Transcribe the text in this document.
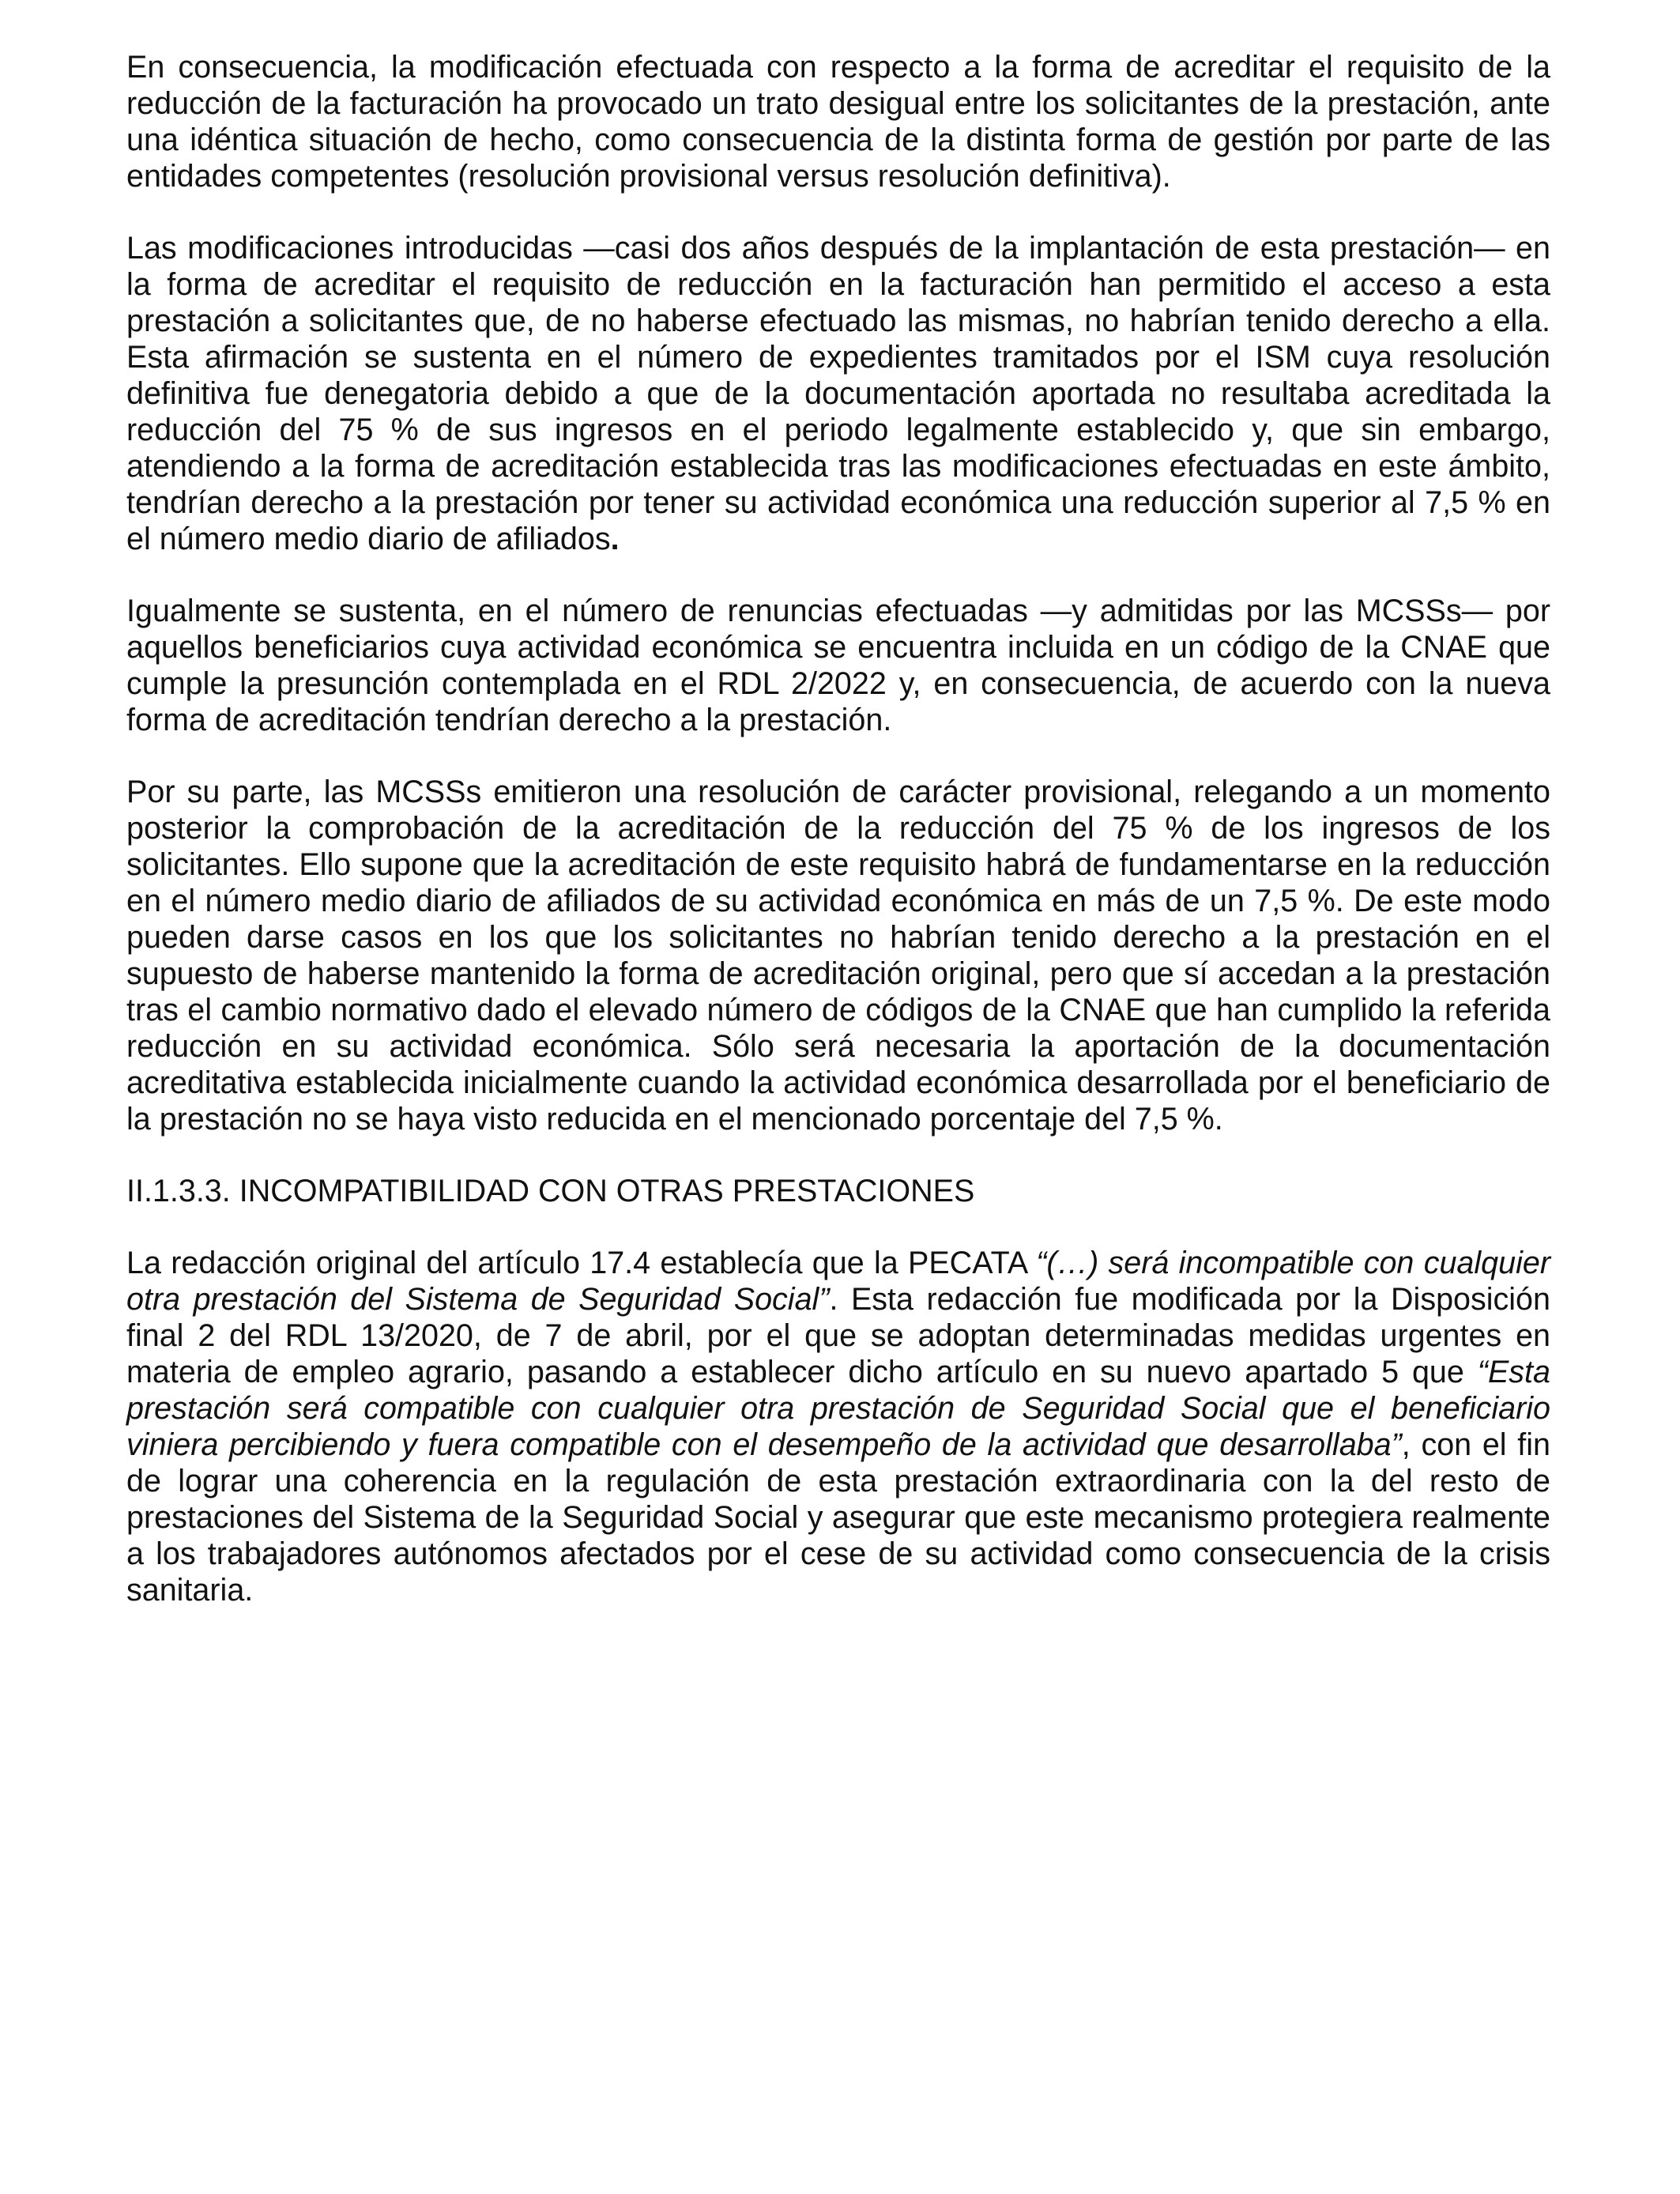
En consecuencia, la modificación efectuada con respecto a la forma de acreditar el requisito de la reducción de la facturación ha provocado un trato desigual entre los solicitantes de la prestación, ante una idéntica situación de hecho, como consecuencia de la distinta forma de gestión por parte de las entidades competentes (resolución provisional versus resolución definitiva).

Las modificaciones introducidas —casi dos años después de la implantación de esta prestación— en la forma de acreditar el requisito de reducción en la facturación han permitido el acceso a esta prestación a solicitantes que, de no haberse efectuado las mismas, no habrían tenido derecho a ella. Esta afirmación se sustenta en el número de expedientes tramitados por el ISM cuya resolución definitiva fue denegatoria debido a que de la documentación aportada no resultaba acreditada la reducción del 75 % de sus ingresos en el periodo legalmente establecido y, que sin embargo, atendiendo a la forma de acreditación establecida tras las modificaciones efectuadas en este ámbito, tendrían derecho a la prestación por tener su actividad económica una reducción superior al 7,5 % en el número medio diario de afiliados.

Igualmente se sustenta, en el número de renuncias efectuadas —y admitidas por las MCSSs— por aquellos beneficiarios cuya actividad económica se encuentra incluida en un código de la CNAE que cumple la presunción contemplada en el RDL 2/2022 y, en consecuencia, de acuerdo con la nueva forma de acreditación tendrían derecho a la prestación.

Por su parte, las MCSSs emitieron una resolución de carácter provisional, relegando a un momento posterior la comprobación de la acreditación de la reducción del 75 % de los ingresos de los solicitantes. Ello supone que la acreditación de este requisito habrá de fundamentarse en la reducción en el número medio diario de afiliados de su actividad económica en más de un 7,5 %. De este modo pueden darse casos en los que los solicitantes no habrían tenido derecho a la prestación en el supuesto de haberse mantenido la forma de acreditación original, pero que sí accedan a la prestación tras el cambio normativo dado el elevado número de códigos de la CNAE que han cumplido la referida reducción en su actividad económica. Sólo será necesaria la aportación de la documentación acreditativa establecida inicialmente cuando la actividad económica desarrollada por el beneficiario de la prestación no se haya visto reducida en el mencionado porcentaje del 7,5 %.

II.1.3.3. INCOMPATIBILIDAD CON OTRAS PRESTACIONES

La redacción original del artículo 17.4 establecía que la PECATA “(…) será incompatible con cualquier otra prestación del Sistema de Seguridad Social”. Esta redacción fue modificada por la Disposición final 2 del RDL 13/2020, de 7 de abril, por el que se adoptan determinadas medidas urgentes en materia de empleo agrario, pasando a establecer dicho artículo en su nuevo apartado 5 que “Esta prestación será compatible con cualquier otra prestación de Seguridad Social que el beneficiario viniera percibiendo y fuera compatible con el desempeño de la actividad que desarrollaba”, con el fin de lograr una coherencia en la regulación de esta prestación extraordinaria con la del resto de prestaciones del Sistema de la Seguridad Social y asegurar que este mecanismo protegiera realmente a los trabajadores autónomos afectados por el cese de su actividad como consecuencia de la crisis sanitaria.
